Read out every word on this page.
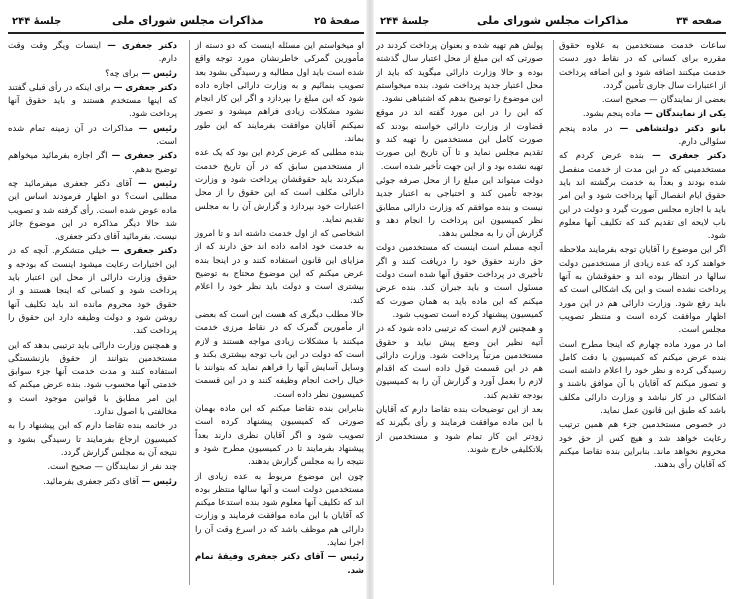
صفحهٔ ۲۵
مذاکرات مجلس شورای ملی
جلسهٔ ۲۴۴

او میخواستم این مسئله اینست که دو دسته از مأمورین گمرکی خاطرنشان مورد توجه واقع شده است باید اول مطالبه و رسیدگی بشود بعد تصویب بنمائیم و به وزارت دارائی اجازه داده شود که این مبلغ را بپردازد و اگر این کار انجام نشود مشکلات زیادی فراهم میشود و تصور نمیکنم آقایان موافقت بفرمایند که این طور بماند.

بنده مطلبی که عرض کردم این بود که یک عده از مستخدمین سابق که در آن تاریخ خدمت میکردند باید حقوقشان پرداخت شود و وزارت دارائی مکلف است که این حقوق را از محل اعتبارات خود بپردازد و گزارش آن را به مجلس تقدیم نماید.

اشخاصی که از اول خدمت داشته اند و تا امروز به خدمت خود ادامه داده اند حق دارند که از مزایای این قانون استفاده کنند و در اینجا بنده عرض میکنم که این موضوع محتاج به توضیح بیشتری است و دولت باید نظر خود را اعلام کند.

حالا مطلب دیگری که هست این است که بعضی از مأمورین گمرک که در نقاط مرزی خدمت میکنند با مشکلات زیادی مواجه هستند و لازم است که دولت در این باب توجه بیشتری بکند و وسایل آسایش آنها را فراهم نماید که بتوانند با خیال راحت انجام وظیفه کنند و در این قسمت کمیسیون نظر داده است.

بنابراین بنده تقاضا میکنم که این ماده بهمان صورتی که کمیسیون پیشنهاد کرده است تصویب شود و اگر آقایان نظری دارند بعداً پیشنهاد بفرمایند تا در کمیسیون مطرح شود و نتیجه را به مجلس گزارش بدهند.

چون این موضوع مربوط به عده زیادی از مستخدمین دولت است و آنها سالها منتظر بوده اند که تکلیف آنها معلوم شود بنده استدعا میکنم که آقایان با این ماده موافقت فرمایند و وزارت دارائی هم موظف باشد که در اسرع وقت آن را اجرا نماید.

رئیس — آقای دکتر جعفری وفیقهٔ تمام شد.

دکتر جعفری — اینسات ویگر وقت وقت دارم.

رئیس — برای چه؟

دکتر جعفری — برای اینکه در رأی قبلی گفتند که اینها مستخدم هستند و باید حقوق آنها پرداخت شود.

رئیس — مذاکرات در آن زمینه تمام شده است.

دکتر جعفری — اگر اجازه بفرمائید میخواهم توضیح بدهم.

رئیس — آقای دکتر جعفری میفرمائید چه مطلبی است؟ دو اظهار فرمودند اساس این ماده عوض شده است. رأی گرفته شد و تصویب شد حالا دیگر مذاکره در این موضوع جائز نیست. بفرمائید آقای دکتر جعفری.

دکتر جعفری — خیلی متشکرم. آنچه که در این اختیارات رعایت میشود اینست که بودجه و حقوق وزارت دارائی از محل این اعتبار باید پرداخت شود و کسانی که اینجا هستند و از حقوق خود محروم مانده اند باید تکلیف آنها روشن شود و دولت وظیفه دارد این حقوق را پرداخت کند.

و همچنین وزارت دارائی باید ترتیبی بدهد که این مستخدمین بتوانند از حقوق بازنشستگی استفاده کنند و مدت خدمت آنها جزء سوابق خدمتی آنها محسوب شود. بنده عرض میکنم که این امر مطابق با قوانین موجود است و مخالفتی با اصول ندارد.

در خاتمه بنده تقاضا دارم که این پیشنهاد را به کمیسیون ارجاع بفرمایند تا رسیدگی بشود و نتیجه آن به مجلس گزارش گردد.

چند نفر از نمایندگان — صحیح است.

رئیس — آقای دکتر جعفری بفرمائید.

صفحه ۳۴
مذاکرات مجلس شورای ملی
جلسهٔ ۲۴۴

ساعات خدمت مستخدمین به علاوه حقوق مقرره برای کسانی که در نقاط دور دست خدمت میکنند اضافه شود و این اضافه پرداخت از اعتبارات سال جاری تأمین گردد.

بعضی از نمایندگان — صحیح است.

یکی از نمایندگان — ماده پنجم بشود.

بانو دکتر دولتشاهی — در ماده پنجم سئوالی دارم.

دکتر جعفری — بنده عرض کردم که مستخدمینی که در این مدت از خدمت منفصل شده بودند و بعداً به خدمت برگشته اند باید حقوق ایام انفصال آنها پرداخت شود و این امر باید با اجازه مجلس صورت گیرد و دولت در این باب لایحه ای تقدیم کند که تکلیف آنها معلوم شود.

اگر این موضوع را آقایان توجه بفرمایند ملاحظه خواهند کرد که عده زیادی از مستخدمین دولت سالها در انتظار بوده اند و حقوقشان به آنها پرداخت نشده است و این یک اشکالی است که باید رفع شود. وزارت دارائی هم در این مورد اظهار موافقت کرده است و منتظر تصویب مجلس است.

اما در مورد ماده چهارم که اینجا مطرح است بنده عرض میکنم که کمیسیون با دقت کامل رسیدگی کرده و نظر خود را اعلام داشته است و تصور میکنم که آقایان با آن موافق باشند و اشکالی در کار نباشد و وزارت دارائی مکلف باشد که طبق این قانون عمل نماید.

در خصوص مستخدمین جزء هم همین ترتیب رعایت خواهد شد و هیچ کس از حق خود محروم نخواهد ماند. بنابراین بنده تقاضا میکنم که آقایان رأی بدهند.

پولش هم تهیه شده و بعنوان پرداخت کردند در صورتی که این مبلغ از محل اعتبار سال گذشته بوده و حالا وزارت دارائی میگوید که باید از محل اعتبار جدید پرداخت شود. بنده میخواستم این موضوع را توضیح بدهم که اشتباهی نشود.

که این را در این مورد گفته اند در موقع قضاوت از وزارت دارائی خواسته بودند که صورت کامل این مستخدمین را تهیه کند و تقدیم مجلس نماید و تا آن تاریخ این صورت تهیه نشده بود و از این جهت تأخیر شده است.

دولت میتواند این مبلغ را از محل صرفه جوئی بودجه تأمین کند و احتیاجی به اعتبار جدید نیست و بنده موافقم که وزارت دارائی مطابق نظر کمیسیون این پرداخت را انجام دهد و گزارش آن را به مجلس بدهد.

آنچه مسلم است اینست که مستخدمین دولت حق دارند حقوق خود را دریافت کنند و اگر تأخیری در پرداخت حقوق آنها شده است دولت مسئول است و باید جبران کند. بنده عرض میکنم که این ماده باید به همان صورت که کمیسیون پیشنهاد کرده است تصویب شود.

و همچنین لازم است که ترتیبی داده شود که در آتیه نظیر این وضع پیش نیاید و حقوق مستخدمین مرتباً پرداخت شود. وزارت دارائی هم در این قسمت قول داده است که اقدام لازم را بعمل آورد و گزارش آن را به کمیسیون بودجه تقدیم کند.

بعد از این توضیحات بنده تقاضا دارم که آقایان با این ماده موافقت فرمایند و رأی بگیرند که زودتر این کار تمام شود و مستخدمین از بلاتکلیفی خارج شوند.
